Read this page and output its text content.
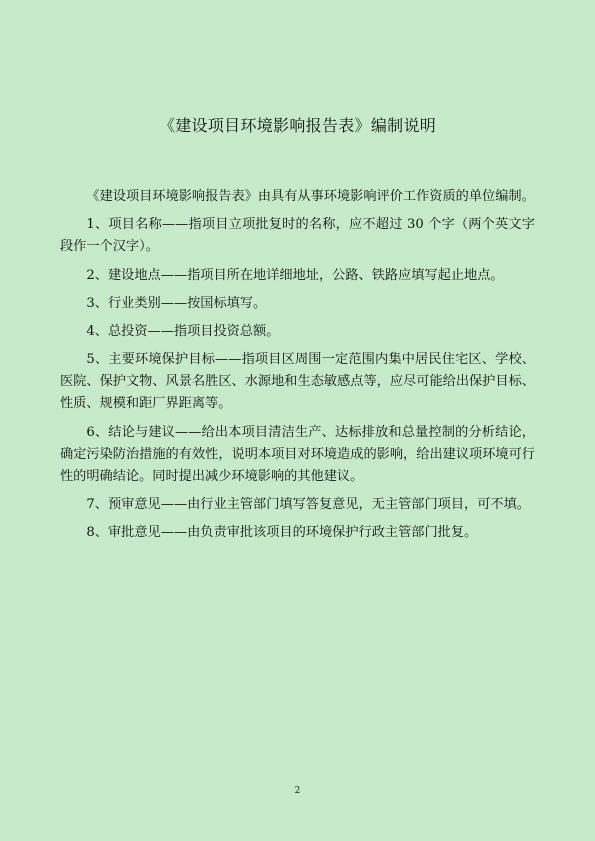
《建设项目环境影响报告表》编制说明

《建设项目环境影响报告表》由具有从事环境影响评价工作资质的单位编制。

1、项目名称——指项目立项批复时的名称，应不超过 30 个字（两个英文字段作一个汉字）。

2、建设地点——指项目所在地详细地址，公路、铁路应填写起止地点。

3、行业类别——按国标填写。

4、总投资——指项目投资总额。

5、主要环境保护目标——指项目区周围一定范围内集中居民住宅区、学校、医院、保护文物、风景名胜区、水源地和生态敏感点等，应尽可能给出保护目标、性质、规模和距厂界距离等。

6、结论与建议——给出本项目清洁生产、达标排放和总量控制的分析结论，确定污染防治措施的有效性，说明本项目对环境造成的影响，给出建议项环境可行性的明确结论。同时提出减少环境影响的其他建议。

7、预审意见——由行业主管部门填写答复意见，无主管部门项目，可不填。

8、审批意见——由负责审批该项目的环境保护行政主管部门批复。

2
